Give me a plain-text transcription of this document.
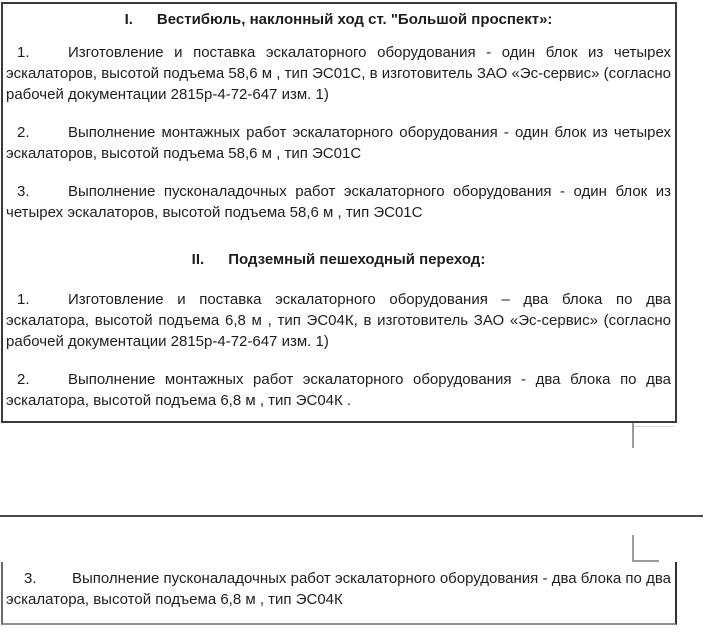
I. Вестибюль, наклонный ход ст. "Большой проспект»:

1.	Изготовление и поставка эскалаторного оборудования - один блок из четырех эскалаторов, высотой подъема 58,6 м , тип ЭС01С, в изготовитель ЗАО «Эс-сервис» (согласно рабочей документации 2815р-4-72-647 изм. 1)

2.	Выполнение монтажных работ эскалаторного оборудования - один блок из четырех эскалаторов, высотой подъема 58,6 м , тип ЭС01С

3.	Выполнение пусконаладочных работ эскалаторного оборудования - один блок из четырех эскалаторов, высотой подъема 58,6 м , тип ЭС01С

II. Подземный пешеходный переход:

1.	Изготовление и поставка эскалаторного оборудования – два блока по два эскалатора, высотой подъема 6,8 м , тип ЭС04К, в изготовитель ЗАО «Эс-сервис» (согласно рабочей документации 2815р-4-72-647 изм. 1)

2.	Выполнение монтажных работ эскалаторного оборудования - два блока по два эскалатора, высотой подъема 6,8 м , тип ЭС04К .

3. Выполнение пусконаладочных работ эскалаторного оборудования - два блока по два эскалатора, высотой подъема 6,8 м , тип ЭС04К
